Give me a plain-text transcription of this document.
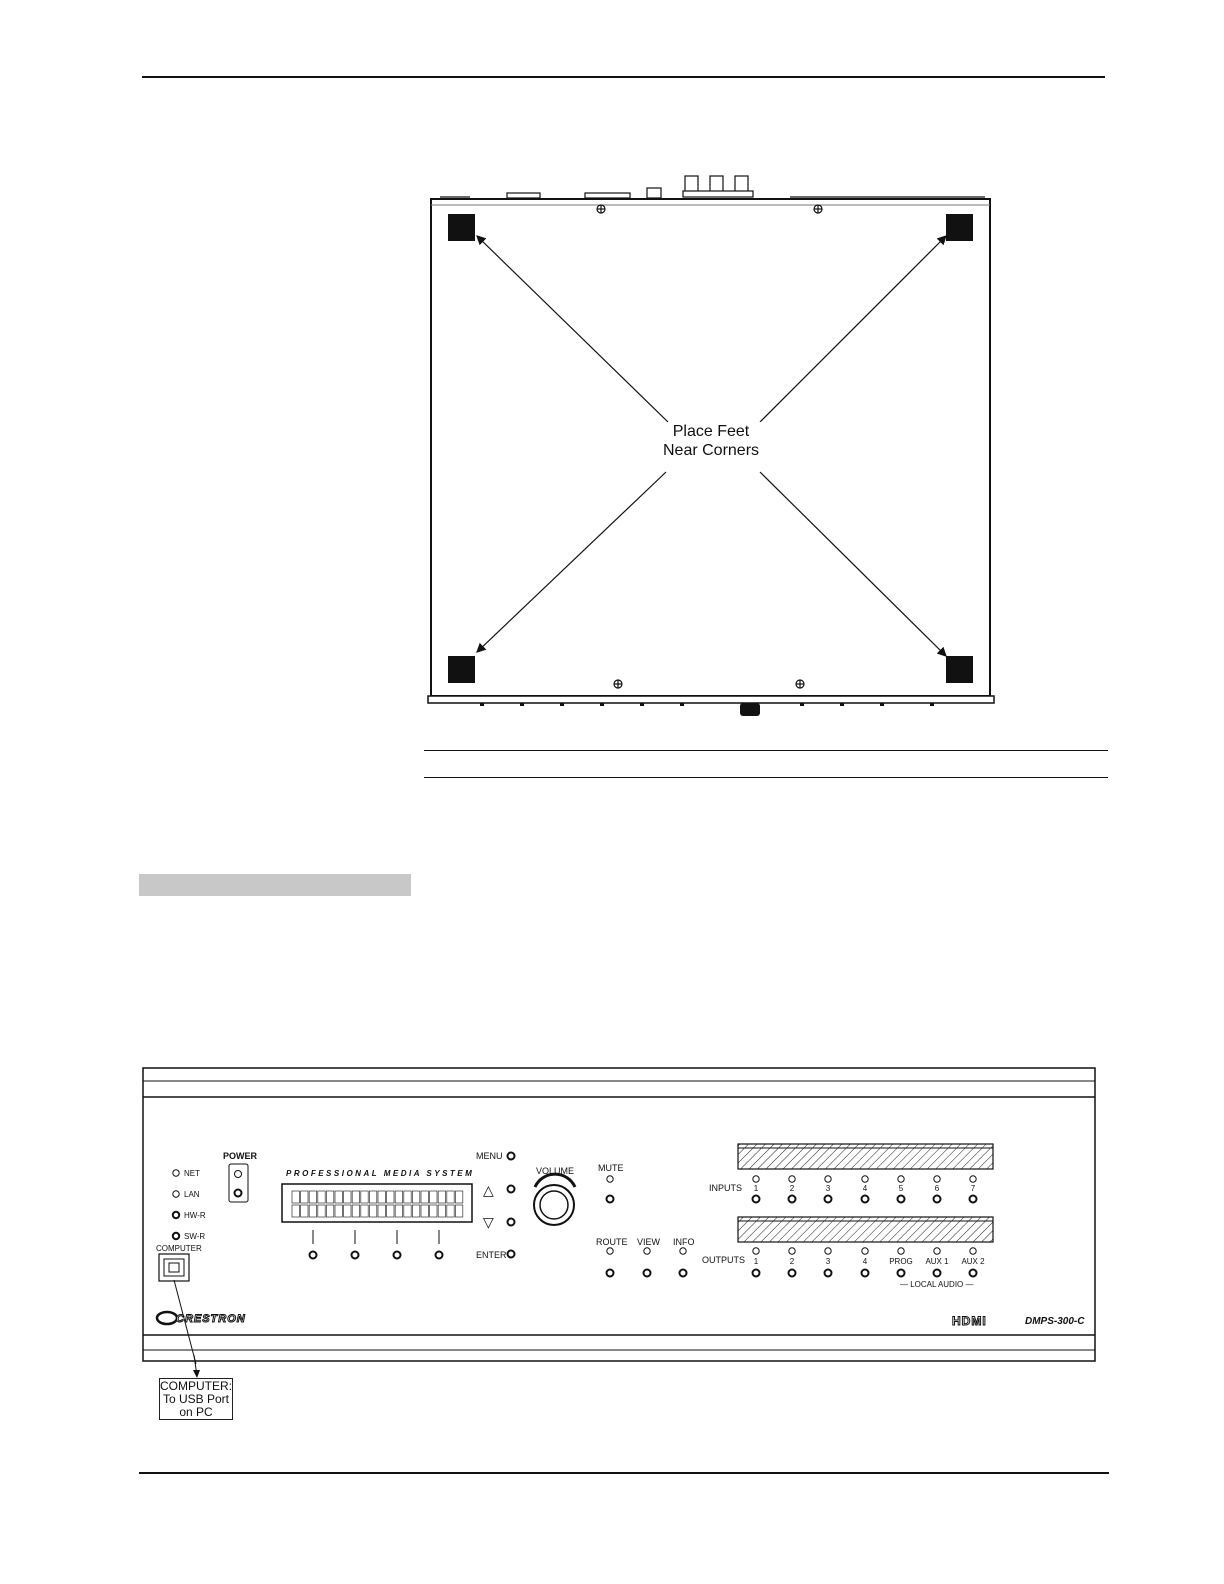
Place Feet
Near Corners
NET
LAN
HW-R
SW-R
COMPUTER
POWER
PROFESSIONAL MEDIA SYSTEM
MENU
△
▽
ENTER
VOLUME	MUTE
ROUTE VIEW INFO
INPUTS 1	2	3	4	5	6	7
OUTPUTS 1	2	3	4	PROG AUX 1 AUX 2
— LOCAL AUDIO —
CRESTRON	HDMI	DMPS-300-C
COMPUTER:
To USB Port
on PC
